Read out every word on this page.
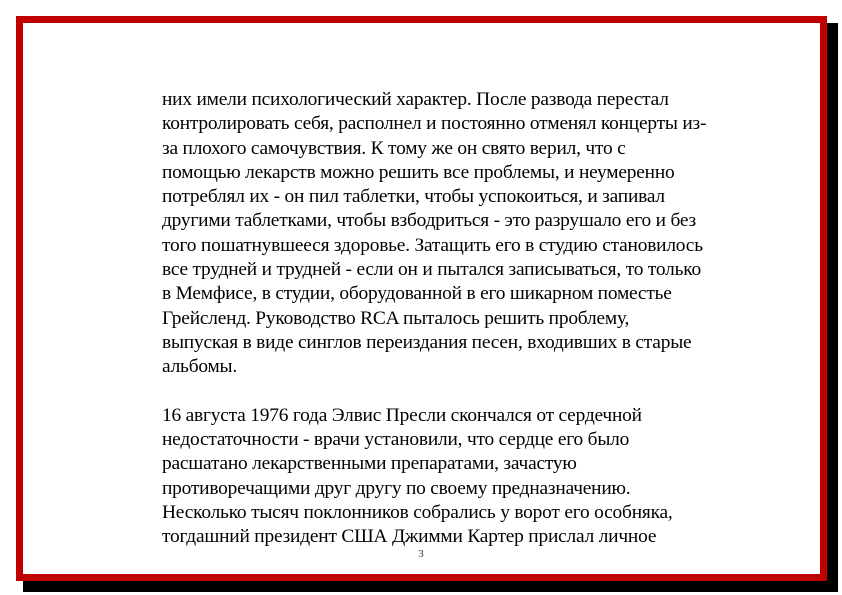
них имели психологический характер. После развода перестал
контролировать себя, располнел и постоянно отменял концерты из-
за плохого самочувствия. К тому же он свято верил, что с
помощью лекарств можно решить все проблемы, и неумеренно
потреблял их - он пил таблетки, чтобы успокоиться, и запивал
другими таблетками, чтобы взбодриться - это разрушало его и без
того пошатнувшееся здоровье. Затащить его в студию становилось
все трудней и трудней - если он и пытался записываться, то только
в Мемфисе, в студии, оборудованной в его шикарном поместье
Грейсленд. Руководство RCA пыталось решить проблему,
выпуская в виде синглов переиздания песен, входивших в старые
альбомы.

16 августа 1976 года Элвис Пресли скончался от сердечной
недостаточности - врачи установили, что сердце его было
расшатано лекарственными препаратами, зачастую
противоречащими друг другу по своему предназначению.
Несколько тысяч поклонников собрались у ворот его особняка,
тогдашний президент США Джимми Картер прислал личное

3
